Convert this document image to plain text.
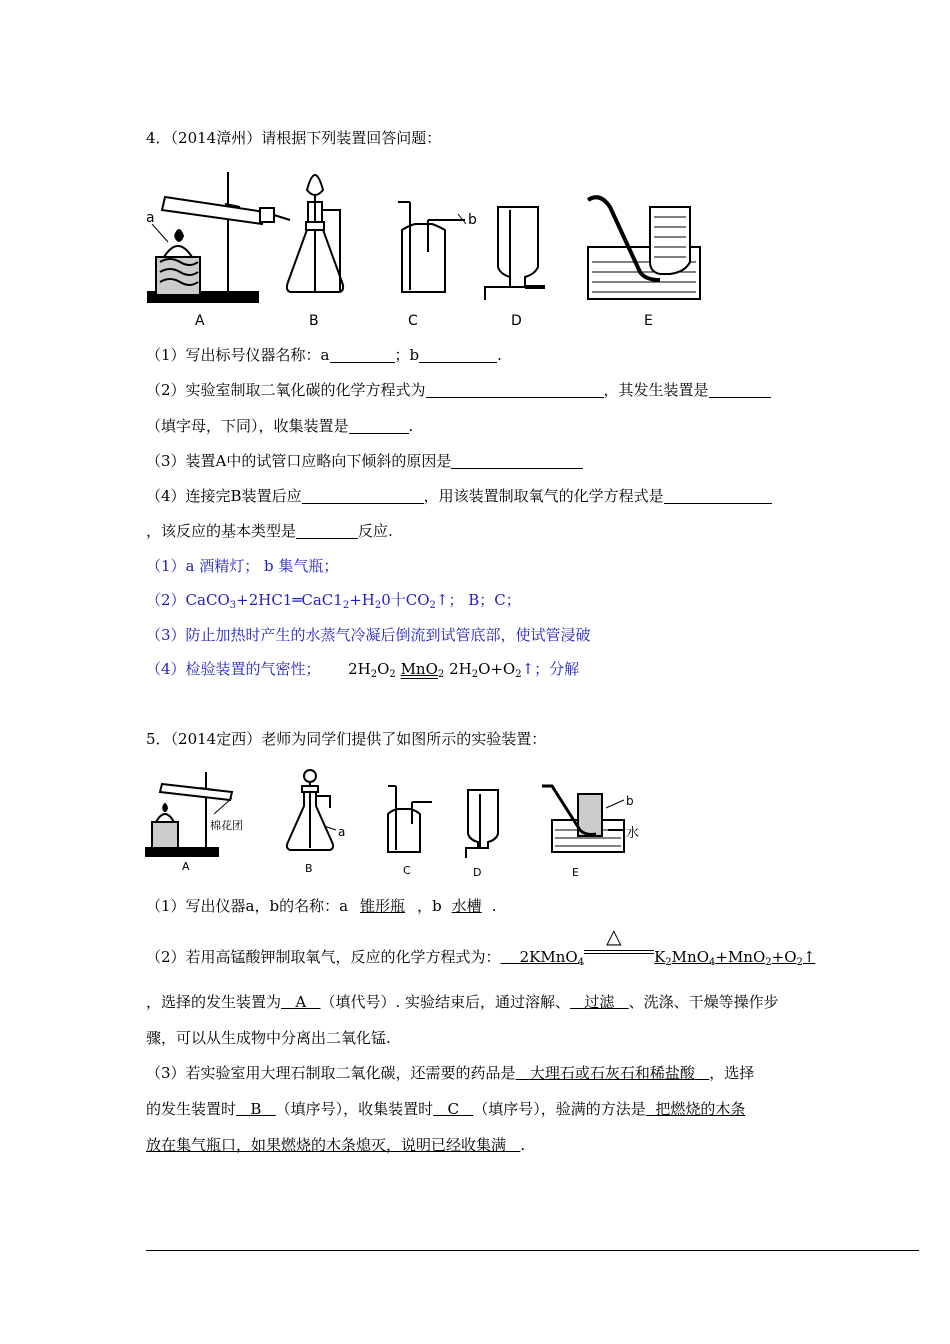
4．（2014漳州）请根据下列装置回答问题：
a	b
A	B	C	D	E
（1）写出标号仪器名称：a	；b	.
（2）实验室制取二氧化碳的化学方程式为	，其发生装置是
（填字母，下同），收集装置是	.
（3）装置A中的试管口应略向下倾斜的原因是
（4）连接完B装置后应	，用该装置制取氧气的化学方程式是
，该反应的基本类型是	反应.
（1）a 酒精灯； b 集气瓶；
$(2)CaCO_3+2HC1═CaC1_2+H_20$十$CO_2↑$； B；C；
（3）防止加热时产生的水蒸气冷凝后倒流到试管底部，使试管浸破
（4）检验装置的气密性； $2H_2O_2$ MnO$_2$ $2H_2O+O_2↑$；分解
5．（2014定西）老师为同学们提供了如图所示的实验装置：
棉花团	a
b
水
A	B	C	D	E
（1）写出仪器a，b的名称：a 锥形瓶 ，b 水槽 .
（2）若用高锰酸钾制取氧气，反应的化学方程式为： 2KMnO$_4$
△
$K_2MnO_4+MnO_2+O_2↑$
，选择的发生装置为 A （填代号）. 实验结束后，通过溶解、 过滤 、洗涤、干燥等操作步
骤，可以从生成物中分离出二氧化锰.
（3）若实验室用大理石制取二氧化碳，还需要的药品是 大理石或石灰石和稀盐酸 ，选择
的发生装置时 B （填序号），收集装置时 C （填序号），验满的方法是 把燃烧的木条
放在集气瓶口，如果燃烧的木条熄灭，说明已经收集满 .
